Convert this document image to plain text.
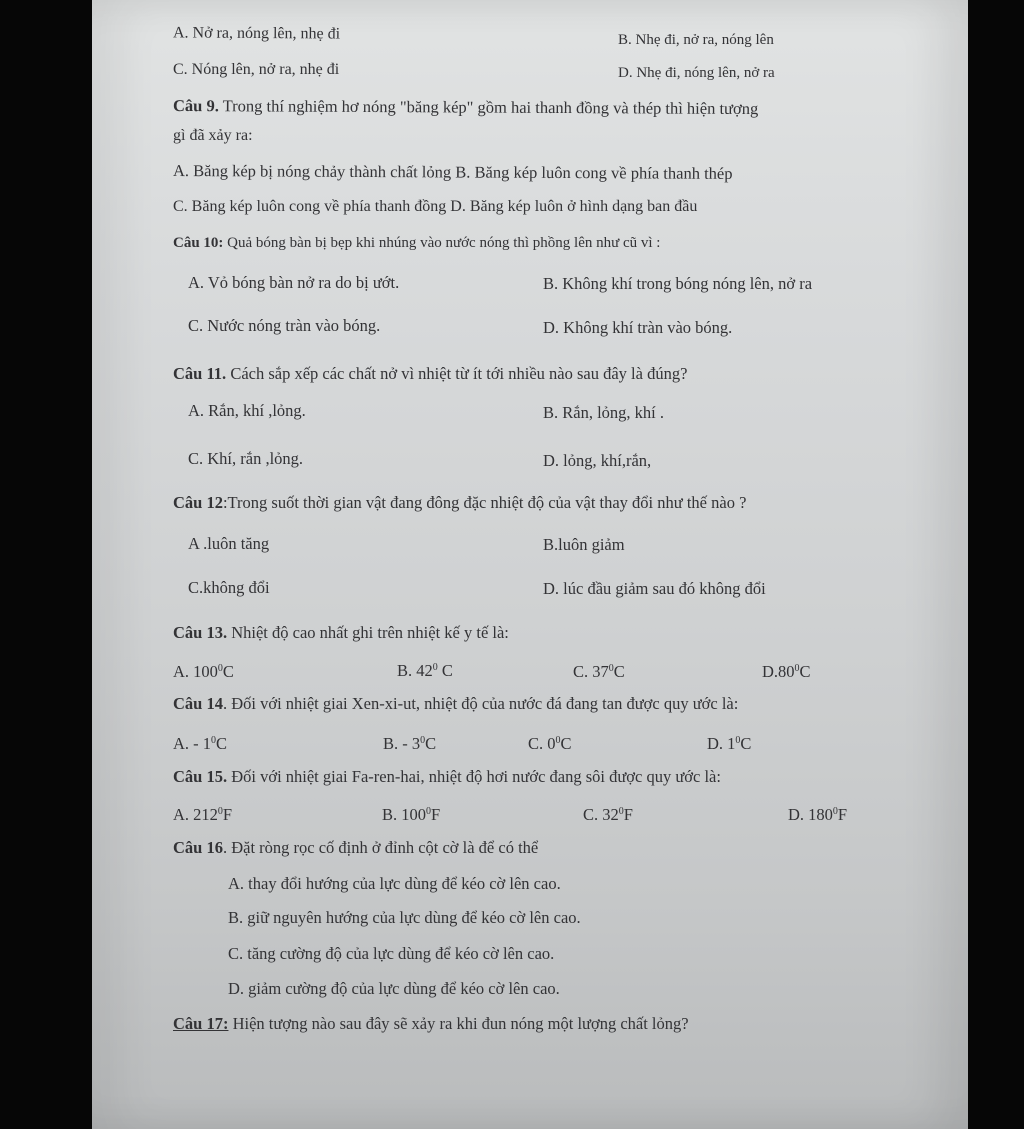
A. Nở ra, nóng lên, nhẹ đi	B. Nhẹ đi, nở ra, nóng lên
C. Nóng lên, nở ra, nhẹ đi	D. Nhẹ đi, nóng lên, nở ra
Câu 9. Trong thí nghiệm hơ nóng "băng kép" gồm hai thanh đồng và thép thì hiện tượng
gì đã xảy ra:
A. Băng kép bị nóng chảy thành chất lỏng B. Băng kép luôn cong về phía thanh thép
C. Băng kép luôn cong về phía thanh đồng D. Băng kép luôn ở hình dạng ban đầu
Câu 10: Quả bóng bàn bị bẹp khi nhúng vào nước nóng thì phồng lên như cũ vì :
A. Vỏ bóng bàn nở ra do bị ướt.	B. Không khí trong bóng nóng lên, nở ra
C. Nước nóng tràn vào bóng.	D. Không khí tràn vào bóng.
Câu 11. Cách sắp xếp các chất nở vì nhiệt từ ít tới nhiều nào sau đây là đúng?
A. Rắn, khí ,lỏng.	B. Rắn, lỏng, khí .
C. Khí, rắn ,lỏng.	D. lỏng, khí,rắn,
Câu 12:Trong suốt thời gian vật đang đông đặc nhiệt độ của vật thay đổi như thế nào ?
A .luôn tăng	B.luôn giảm
C.không đổi	D. lúc đầu giảm sau đó không đổi
Câu 13. Nhiệt độ cao nhất ghi trên nhiệt kế y tế là:
A. $100^0C$	B. $42^0$ C	C. $37^0C$	$D.80^0C$
Câu 14. Đối với nhiệt giai Xen-xi-ut, nhiệt độ của nước đá đang tan được quy ước là:
A. - $1^0C$	B. - $3^0C$	C. $0^0C$	D. $1^0C$
Câu 15. Đối với nhiệt giai Fa-ren-hai, nhiệt độ hơi nước đang sôi được quy ước là:
A. $212^0F$	B. $100^0F$	C. $32^0F$	D. $180^0F$
Câu 16. Đặt ròng rọc cố định ở đỉnh cột cờ là để có thể
A. thay đổi hướng của lực dùng để kéo cờ lên cao.
B. giữ nguyên hướng của lực dùng để kéo cờ lên cao.
C. tăng cường độ của lực dùng để kéo cờ lên cao.
D. giảm cường độ của lực dùng để kéo cờ lên cao.
Câu 17: Hiện tượng nào sau đây sẽ xảy ra khi đun nóng một lượng chất lỏng?
